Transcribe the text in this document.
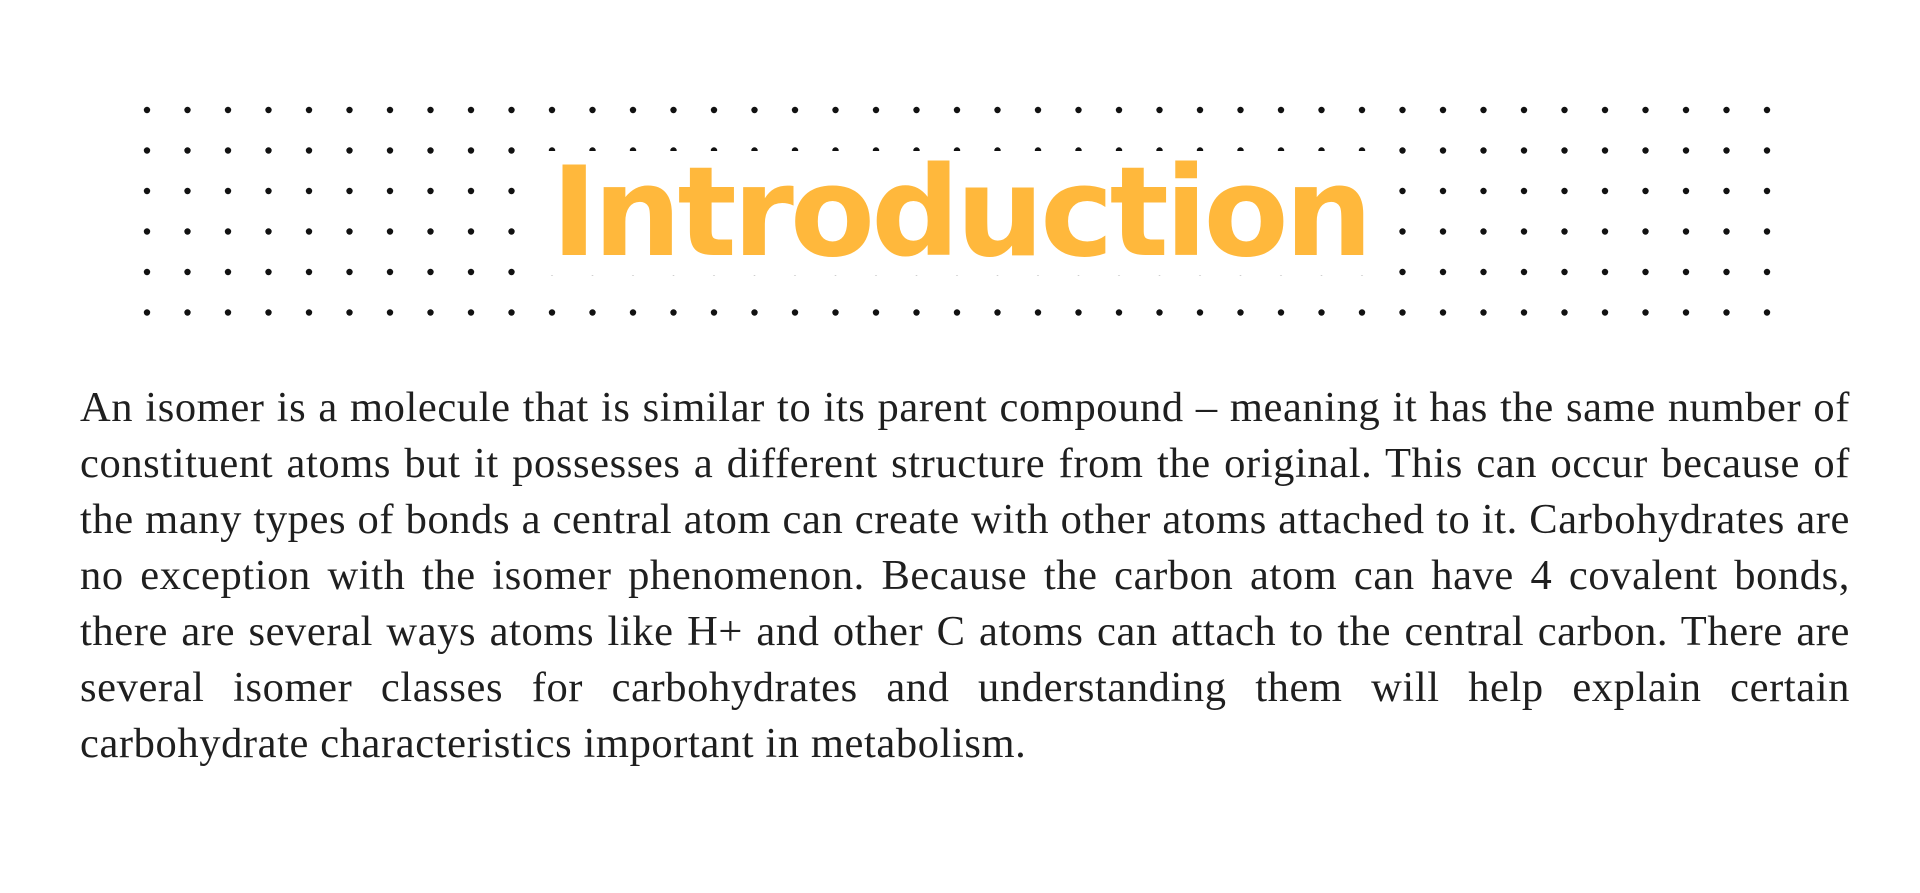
Introduction

An isomer is a molecule that is similar to its parent compound – meaning it has the same number of constituent atoms but it possesses a different structure from the original. This can occur because of the many types of bonds a central atom can create with other atoms attached to it. Carbohydrates are no exception with the isomer phenomenon. Because the carbon atom can have 4 covalent bonds, there are several ways atoms like H+ and other C atoms can attach to the central carbon. There are several isomer classes for carbohydrates and understanding them will help explain certain carbohydrate characteristics important in metabolism.
